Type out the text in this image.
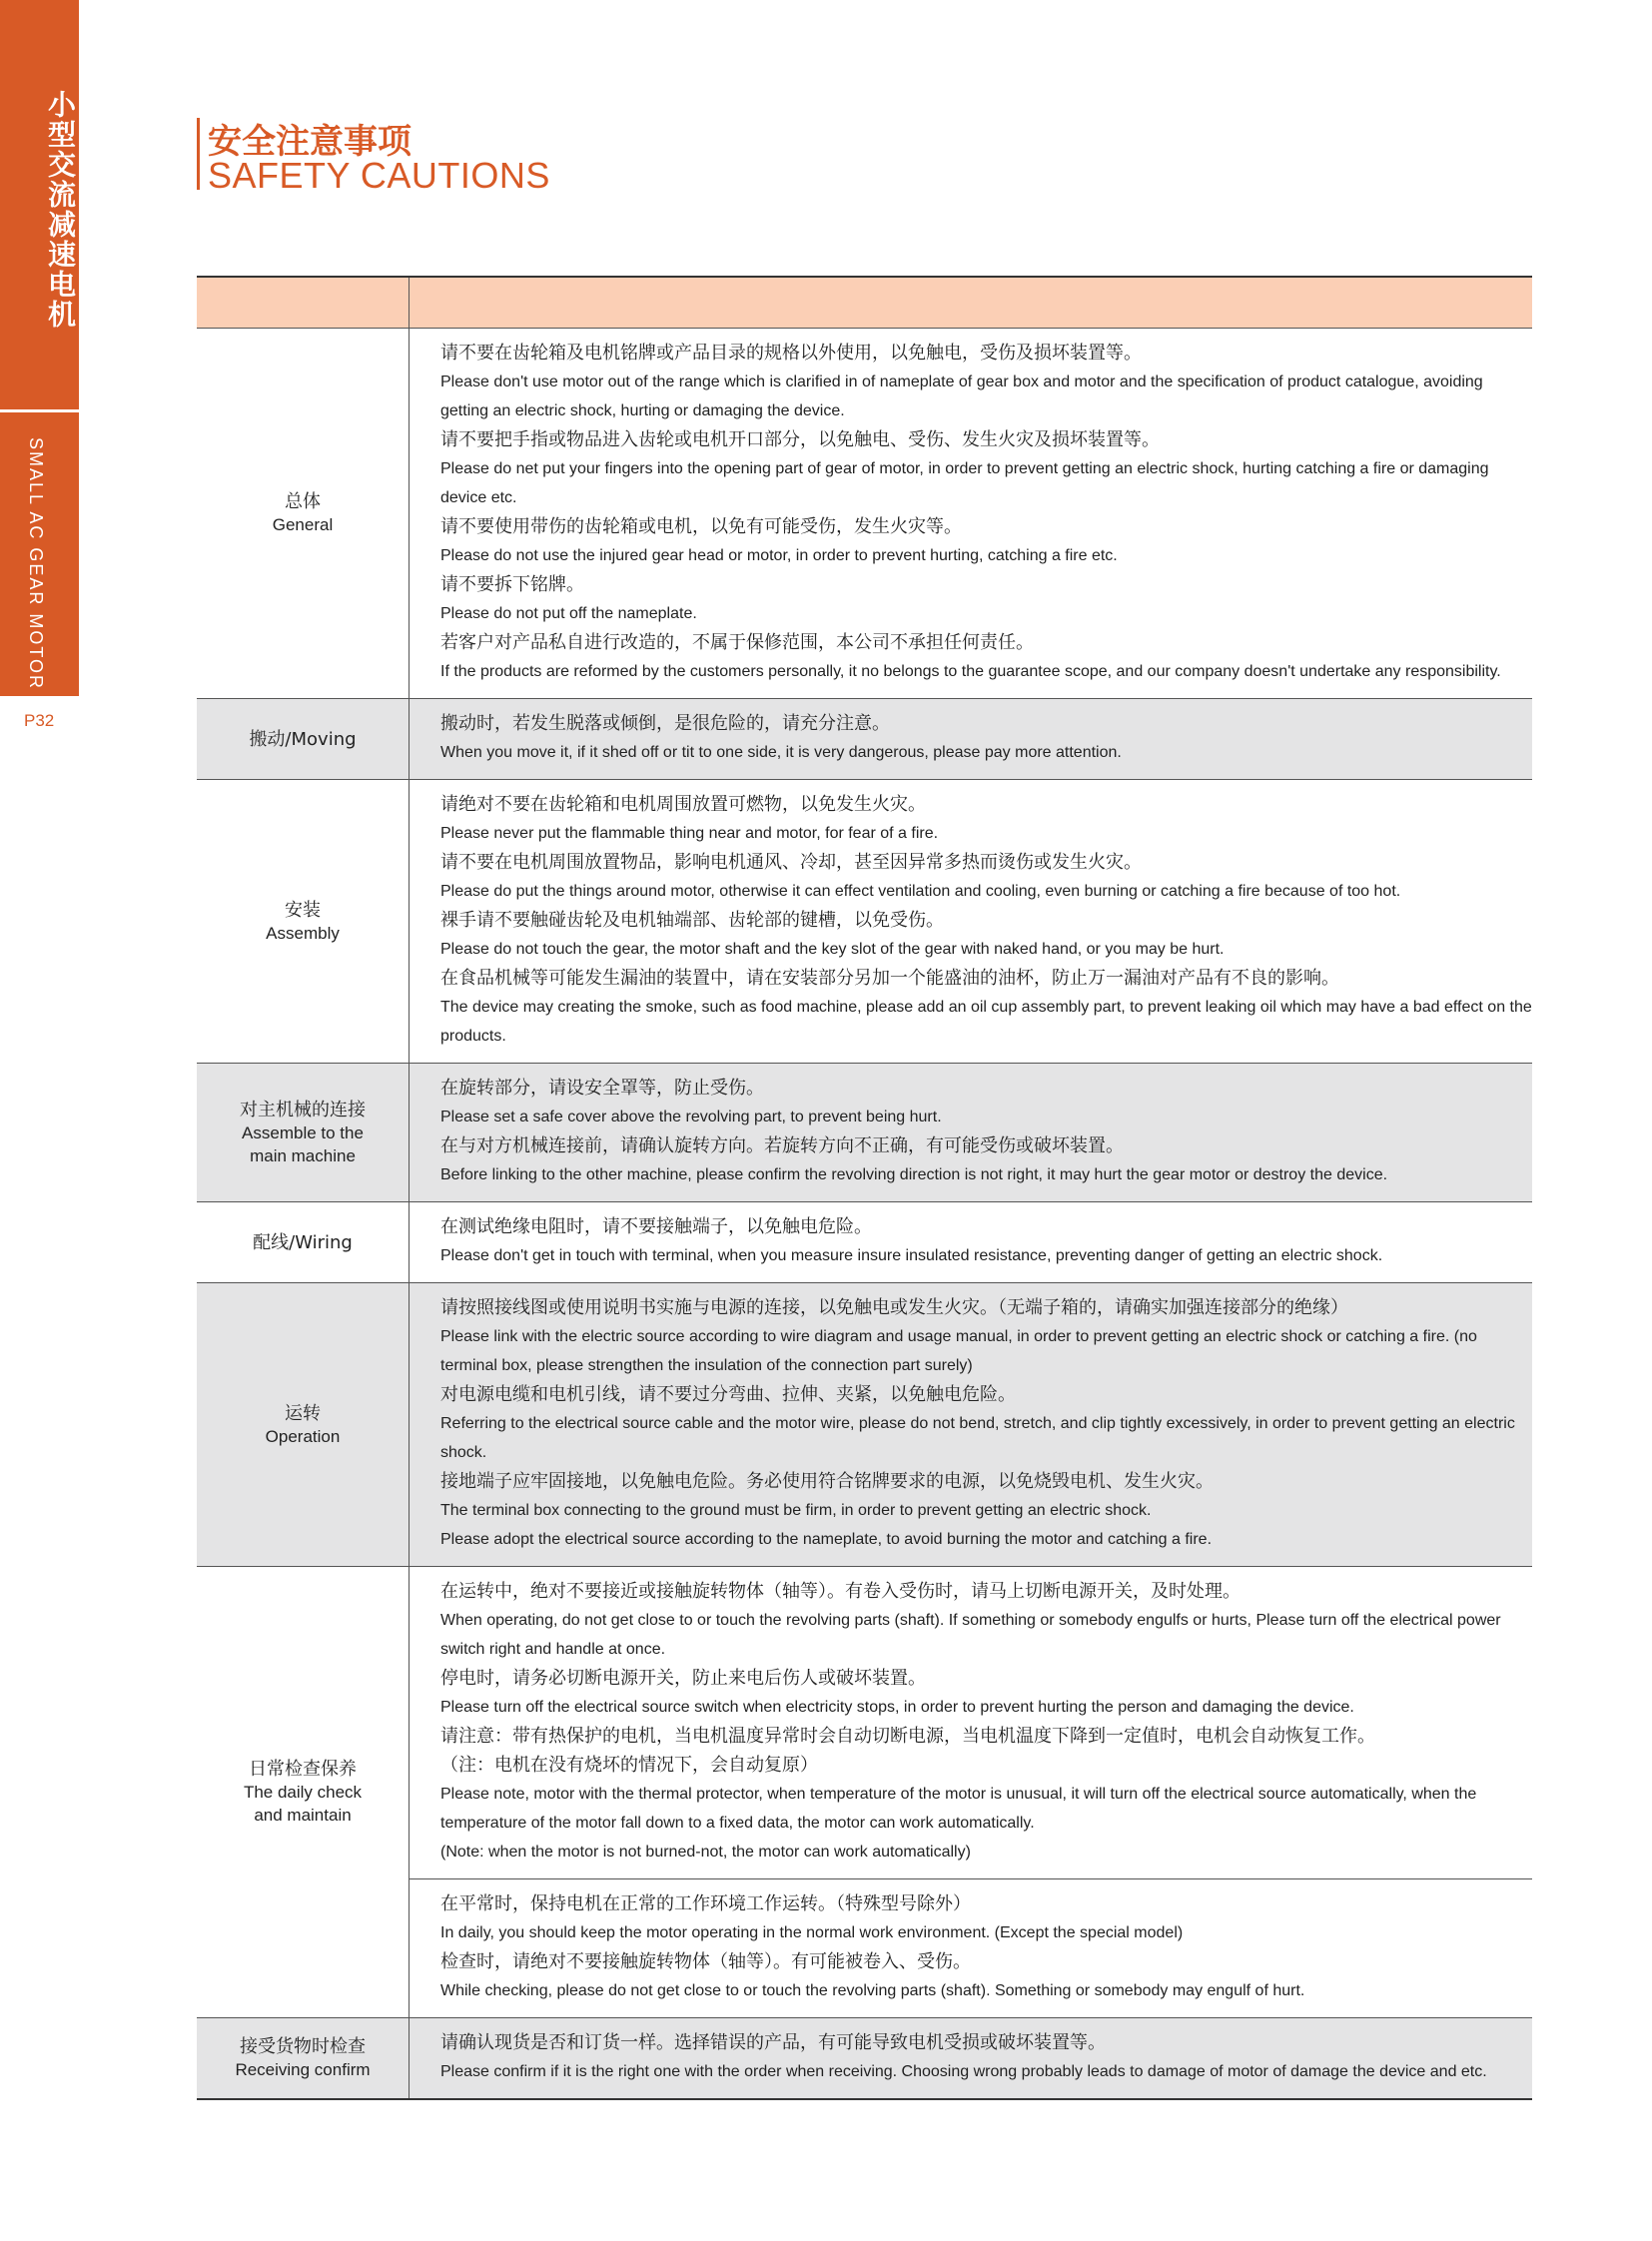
小型交流减速电机
SMALL AC GEAR MOTOR
P32
安全注意事项
SAFETY CAUTIONS
总体
General
请不要在齿轮箱及电机铭牌或产品目录的规格以外使用，以免触电，受伤及损坏装置等。
Please don't use motor out of the range which is clarified in of nameplate of gear box and motor and the specification of product catalogue, avoiding getting an electric shock, hurting or damaging the device.
请不要把手指或物品进入齿轮或电机开口部分，以免触电、受伤、发生火灾及损坏装置等。
Please do net put your fingers into the opening part of gear of motor, in order to prevent getting an electric shock, hurting catching a fire or damaging device etc.
请不要使用带伤的齿轮箱或电机，以免有可能受伤，发生火灾等。
Please do not use the injured gear head or motor, in order to prevent hurting, catching a fire etc.
请不要拆下铭牌。
Please do not put off the nameplate.
若客户对产品私自进行改造的，不属于保修范围，本公司不承担任何责任。
If the products are reformed by the customers personally, it no belongs to the guarantee scope, and our company doesn't undertake any responsibility.
搬动/Moving
搬动时，若发生脱落或倾倒，是很危险的，请充分注意。
When you move it, if it shed off or tit to one side, it is very dangerous, please pay more attention.
安装
Assembly
请绝对不要在齿轮箱和电机周围放置可燃物，以免发生火灾。
Please never put the flammable thing near and motor, for fear of a fire.
请不要在电机周围放置物品，影响电机通风、冷却，甚至因异常多热而烫伤或发生火灾。
Please do put the things around motor, otherwise it can effect ventilation and cooling, even burning or catching a fire because of too hot.
裸手请不要触碰齿轮及电机轴端部、齿轮部的键槽，以免受伤。
Please do not touch the gear, the motor shaft and the key slot of the gear with naked hand, or you may be hurt.
在食品机械等可能发生漏油的装置中，请在安装部分另加一个能盛油的油杯，防止万一漏油对产品有不良的影响。
The device may creating the smoke, such as food machine, please add an oil cup assembly part, to prevent leaking oil which may have a bad effect on the products.
对主机械的连接
Assemble to the main machine
在旋转部分，请设安全罩等，防止受伤。
Please set a safe cover above the revolving part, to prevent being hurt.
在与对方机械连接前，请确认旋转方向。若旋转方向不正确，有可能受伤或破坏装置。
Before linking to the other machine, please confirm the revolving direction is not right, it may hurt the gear motor or destroy the device.
配线/Wiring
在测试绝缘电阻时，请不要接触端子，以免触电危险。
Please don't get in touch with terminal, when you measure insure insulated resistance, preventing danger of getting an electric shock.
运转
Operation
请按照接线图或使用说明书实施与电源的连接，以免触电或发生火灾。（无端子箱的，请确实加强连接部分的绝缘）
Please link with the electric source according to wire diagram and usage manual, in order to prevent getting an electric shock or catching a fire. (no terminal box, please strengthen the insulation of the connection part surely)
对电源电缆和电机引线，请不要过分弯曲、拉伸、夹紧，以免触电危险。
Referring to the electrical source cable and the motor wire, please do not bend, stretch, and clip tightly excessively, in order to prevent getting an electric shock.
接地端子应牢固接地，以免触电危险。务必使用符合铭牌要求的电源，以免烧毁电机、发生火灾。
The terminal box connecting to the ground must be firm, in order to prevent getting an electric shock.
Please adopt the electrical source according to the nameplate, to avoid burning the motor and catching a fire.
日常检查保养
The daily check and maintain
在运转中，绝对不要接近或接触旋转物体（轴等）。有卷入受伤时，请马上切断电源开关，及时处理。
When operating, do not get close to or touch the revolving parts (shaft). If something or somebody engulfs or hurts, Please turn off the electrical power switch right and handle at once.
停电时，请务必切断电源开关，防止来电后伤人或破坏装置。
Please turn off the electrical source switch when electricity stops, in order to prevent hurting the person and damaging the device.
请注意：带有热保护的电机，当电机温度异常时会自动切断电源，当电机温度下降到一定值时，电机会自动恢复工作。
（注：电机在没有烧坏的情况下，会自动复原）
Please note, motor with the thermal protector, when temperature of the motor is unusual, it will turn off the electrical source automatically, when the temperature of the motor fall down to a fixed data, the motor can work automatically.
(Note: when the motor is not burned-not, the motor can work automatically)
在平常时，保持电机在正常的工作环境工作运转。（特殊型号除外）
In daily, you should keep the motor operating in the normal work environment. (Except the special model)
检查时，请绝对不要接触旋转物体（轴等）。有可能被卷入、受伤。
While checking, please do not get close to or touch the revolving parts (shaft). Something or somebody may engulf of hurt.
接受货物时检查
Receiving confirm
请确认现货是否和订货一样。选择错误的产品，有可能导致电机受损或破坏装置等。
Please confirm if it is the right one with the order when receiving. Choosing wrong probably leads to damage of motor of damage the device and etc.
